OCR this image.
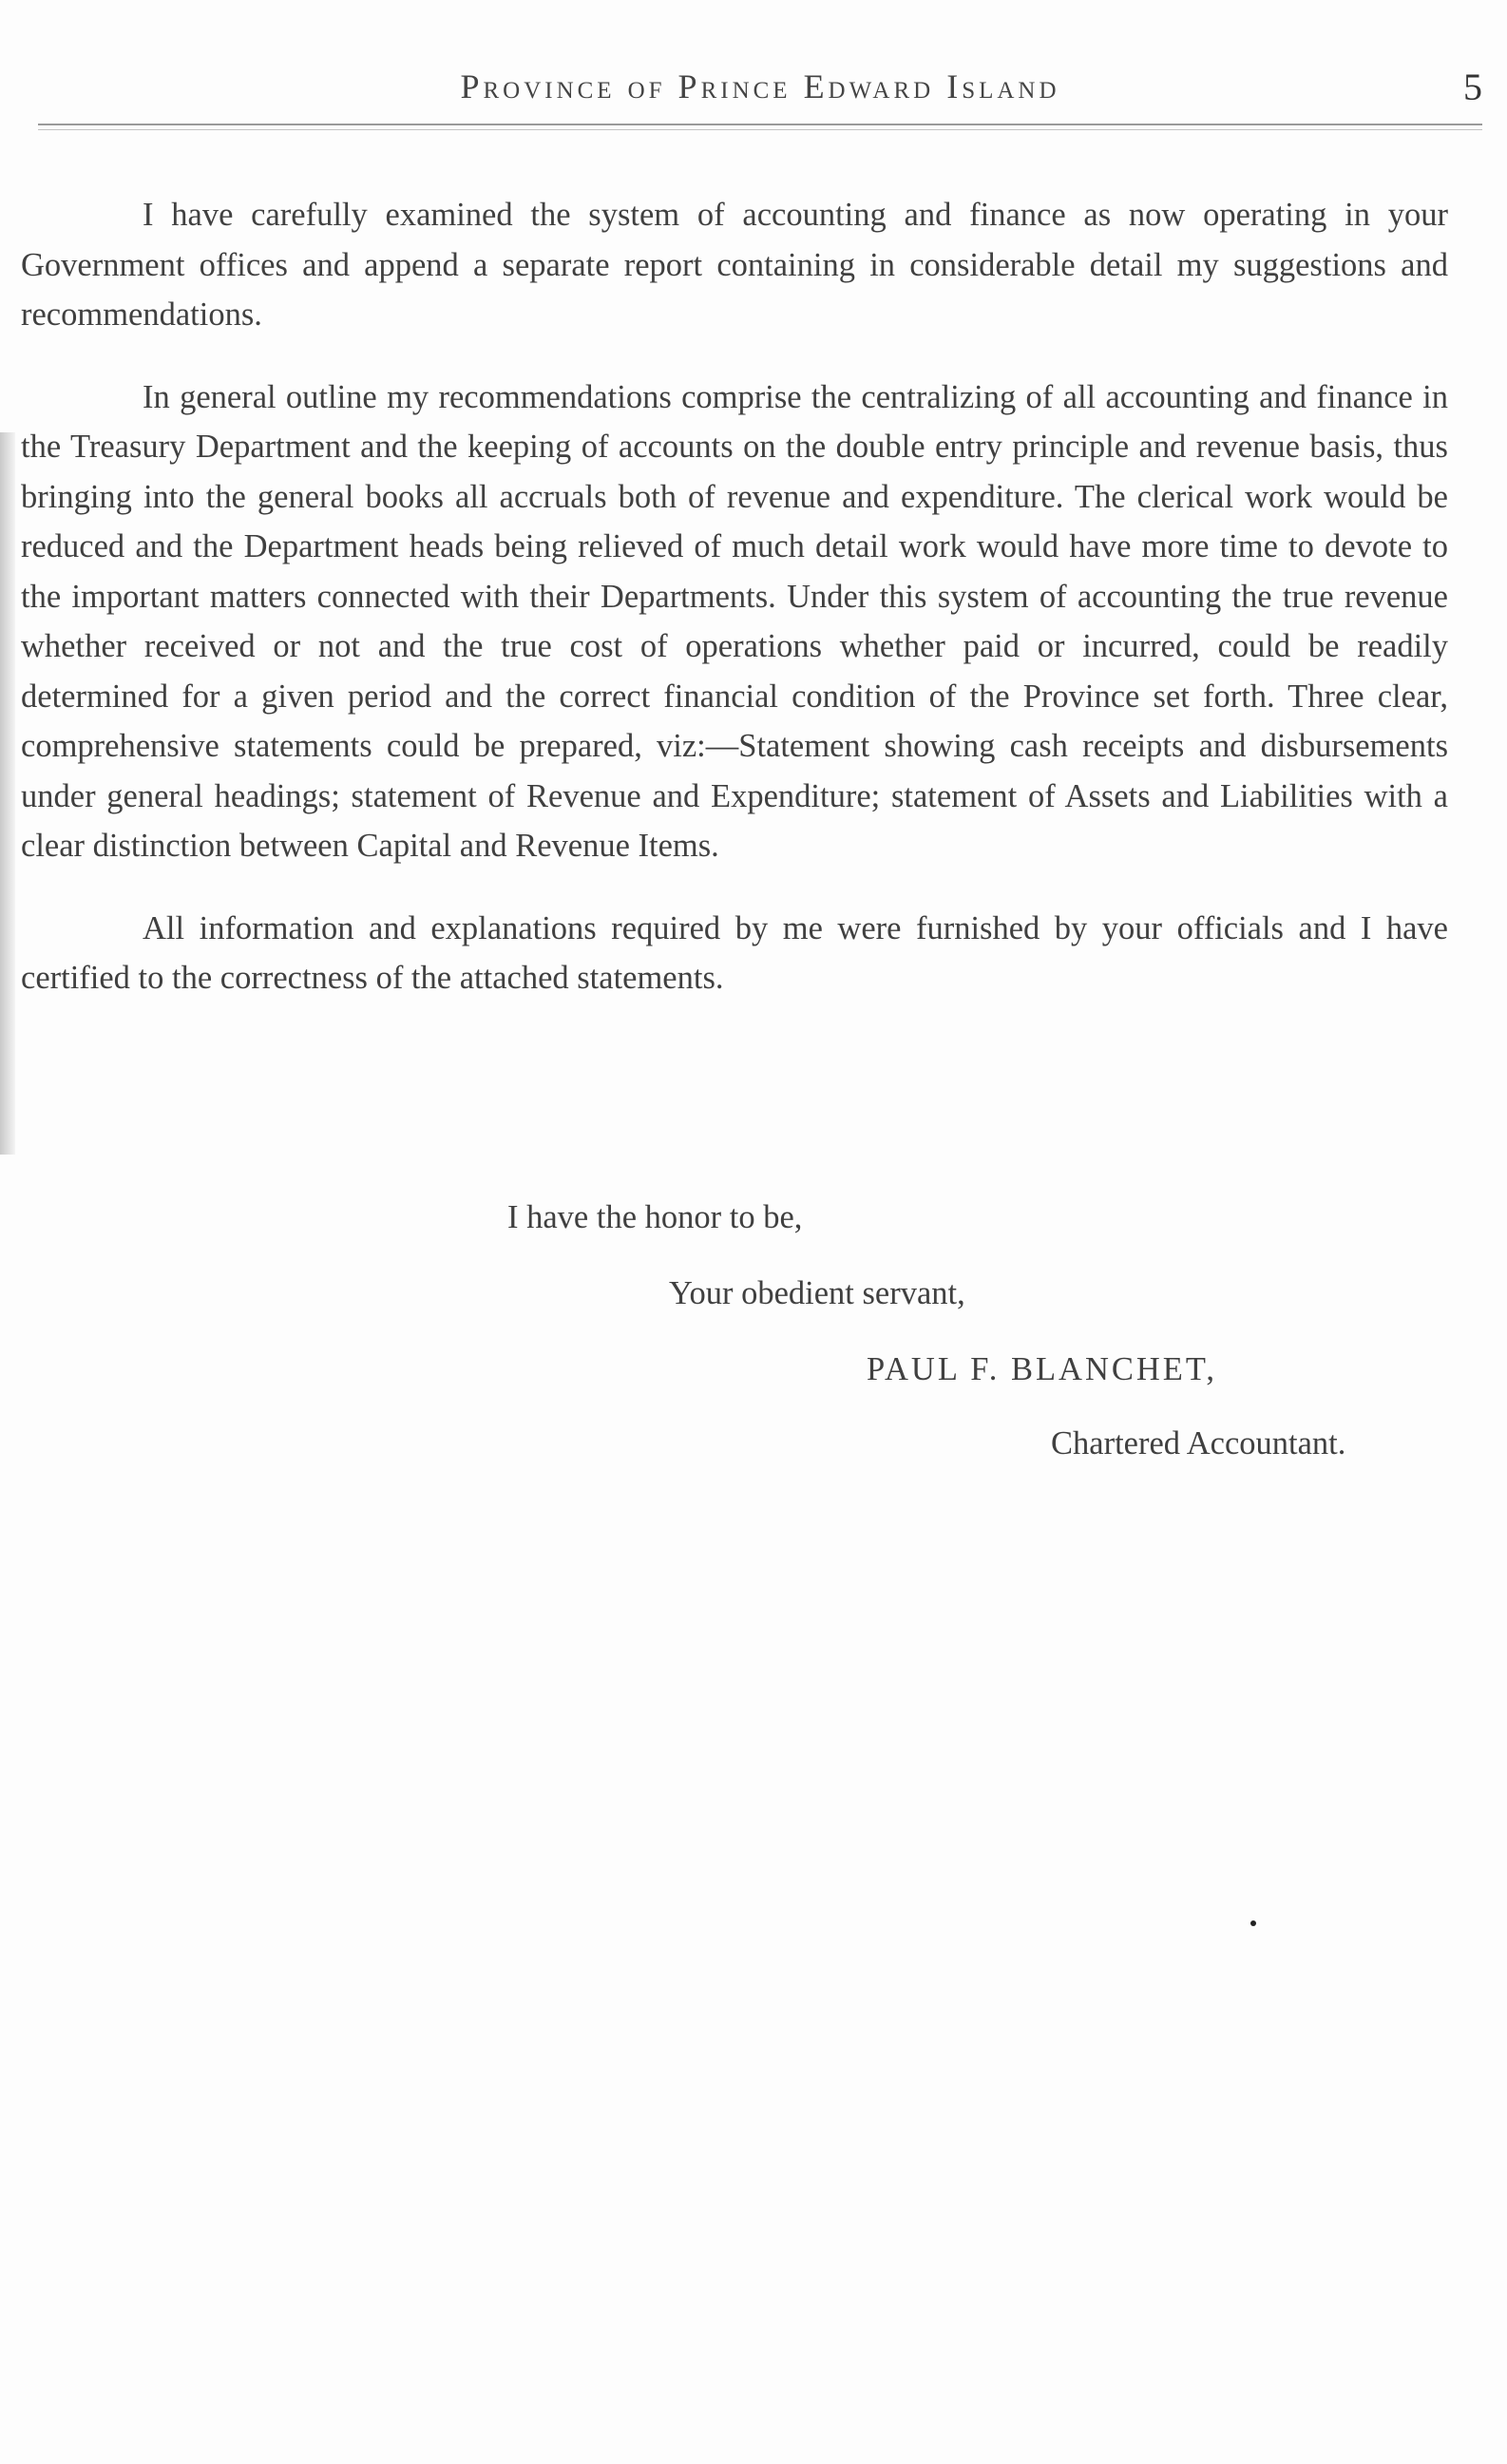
Province of Prince Edward Island	5

I have carefully examined the system of accounting and finance as now operating in your Government offices and append a separate report containing in considerable detail my suggestions and recommendations.

In general outline my recommendations comprise the centralizing of all accounting and finance in the Treasury Department and the keeping of accounts on the double entry principle and revenue basis, thus bringing into the general books all accruals both of revenue and expenditure. The clerical work would be reduced and the Department heads being relieved of much detail work would have more time to devote to the important matters connected with their Departments. Under this system of accounting the true revenue whether received or not and the true cost of operations whether paid or incurred, could be readily determined for a given period and the correct financial condition of the Province set forth. Three clear, comprehensive statements could be prepared, viz:—Statement showing cash receipts and disbursements under general headings; statement of Revenue and Expenditure; statement of Assets and Liabilities with a clear distinction between Capital and Revenue Items.

All information and explanations required by me were furnished by your officials and I have certified to the correctness of the attached statements.

I have the honor to be,
Your obedient servant,
PAUL F. BLANCHET,
Chartered Accountant.
